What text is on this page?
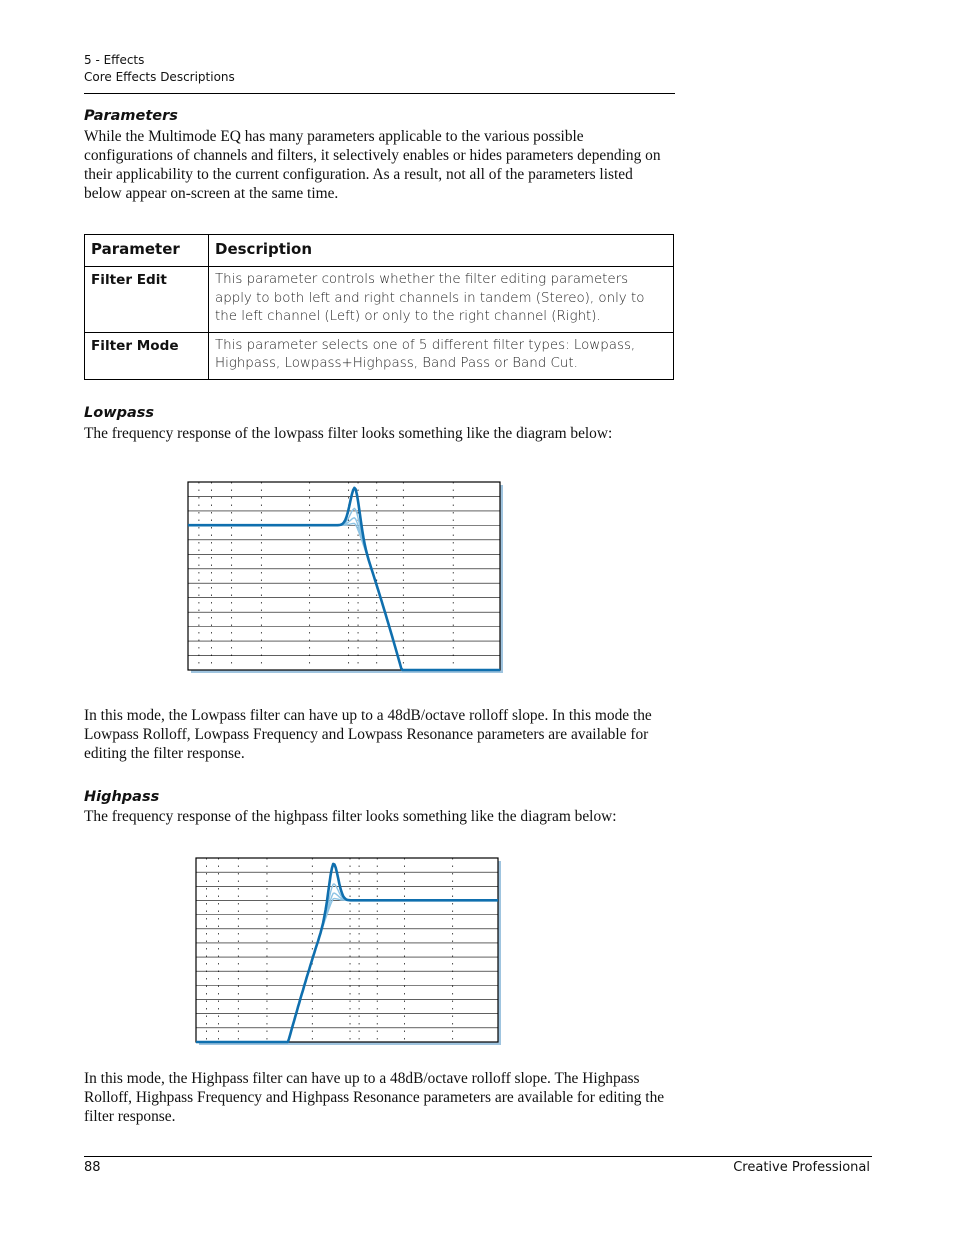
5 - Effects
Core Effects Descriptions
Parameters
While the Multimode EQ has many parameters applicable to the various possible configurations of channels and filters, it selectively enables or hides parameters depending on their applicability to the current configuration. As a result, not all of the parameters listed below appear on-screen at the same time.
Parameter	Description
Filter Edit	This parameter controls whether the filter editing parameters apply to both left and right channels in tandem (Stereo), only to the left channel (Left) or only to the right channel (Right).
Filter Mode	This parameter selects one of 5 different filter types: Lowpass, Highpass, Lowpass+Highpass, Band Pass or Band Cut.
Lowpass
The frequency response of the lowpass filter looks something like the diagram below:
In this mode, the Lowpass filter can have up to a 48dB/octave rolloff slope. In this mode the Lowpass Rolloff, Lowpass Frequency and Lowpass Resonance parameters are available for editing the filter response.
Highpass
The frequency response of the highpass filter looks something like the diagram below:
In this mode, the Highpass filter can have up to a 48dB/octave rolloff slope. The Highpass Rolloff, Highpass Frequency and Highpass Resonance parameters are available for editing the filter response.
88	Creative Professional
